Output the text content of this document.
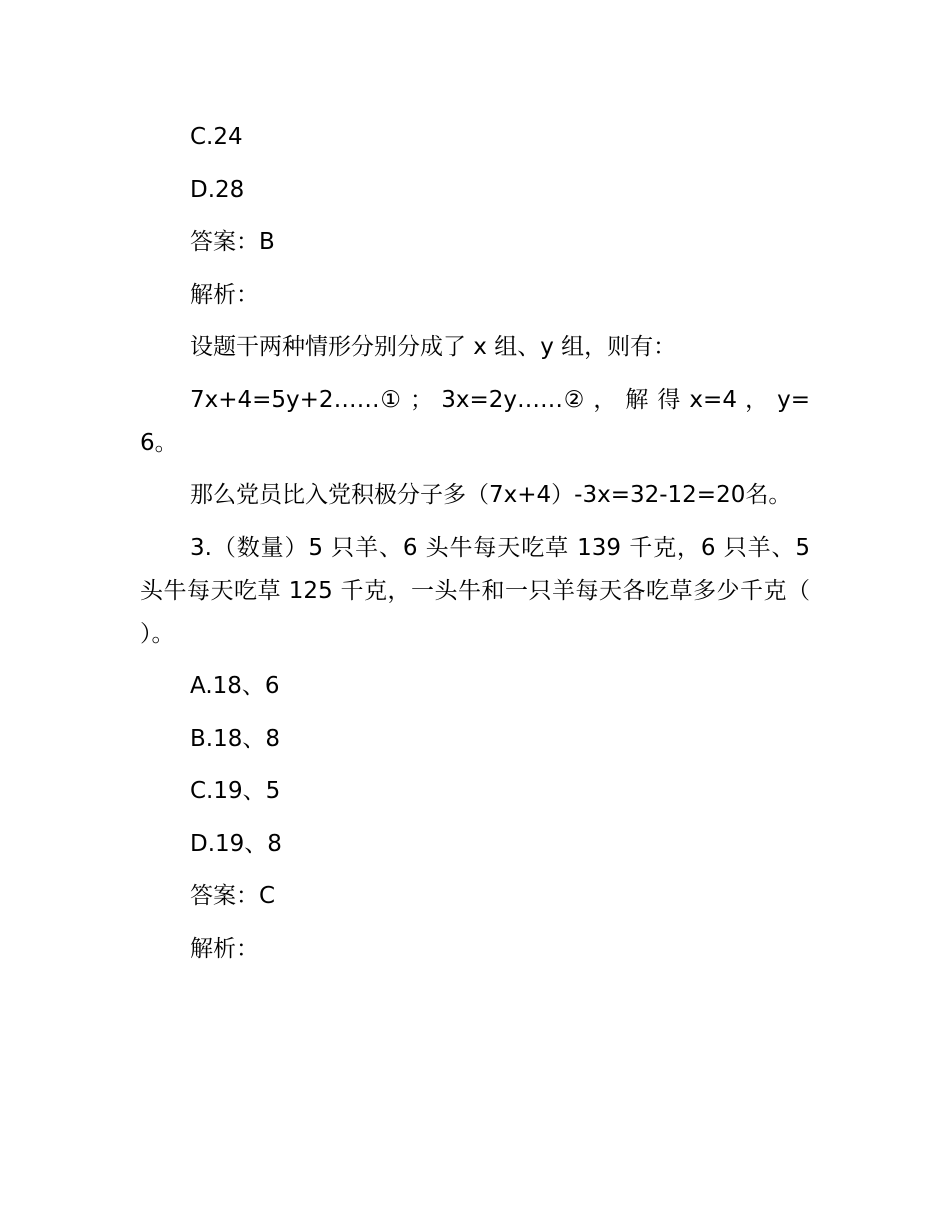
C.24

D.28

答案：B

解析：

设题干两种情形分别分成了 x 组、y 组，则有：

7x+4=5y+2……① ； 3x=2y……② ， 解 得 x=4 ， y=6。

那么党员比入党积极分子多（7x+4）-3x=32-12=20名。

3.（数量）5 只羊、6 头牛每天吃草 139 千克，6 只羊、5 头牛每天吃草 125 千克，一头牛和一只羊每天各吃草多少千克（ ）。

A.18、6

B.18、8

C.19、5

D.19、8

答案：C

解析：
